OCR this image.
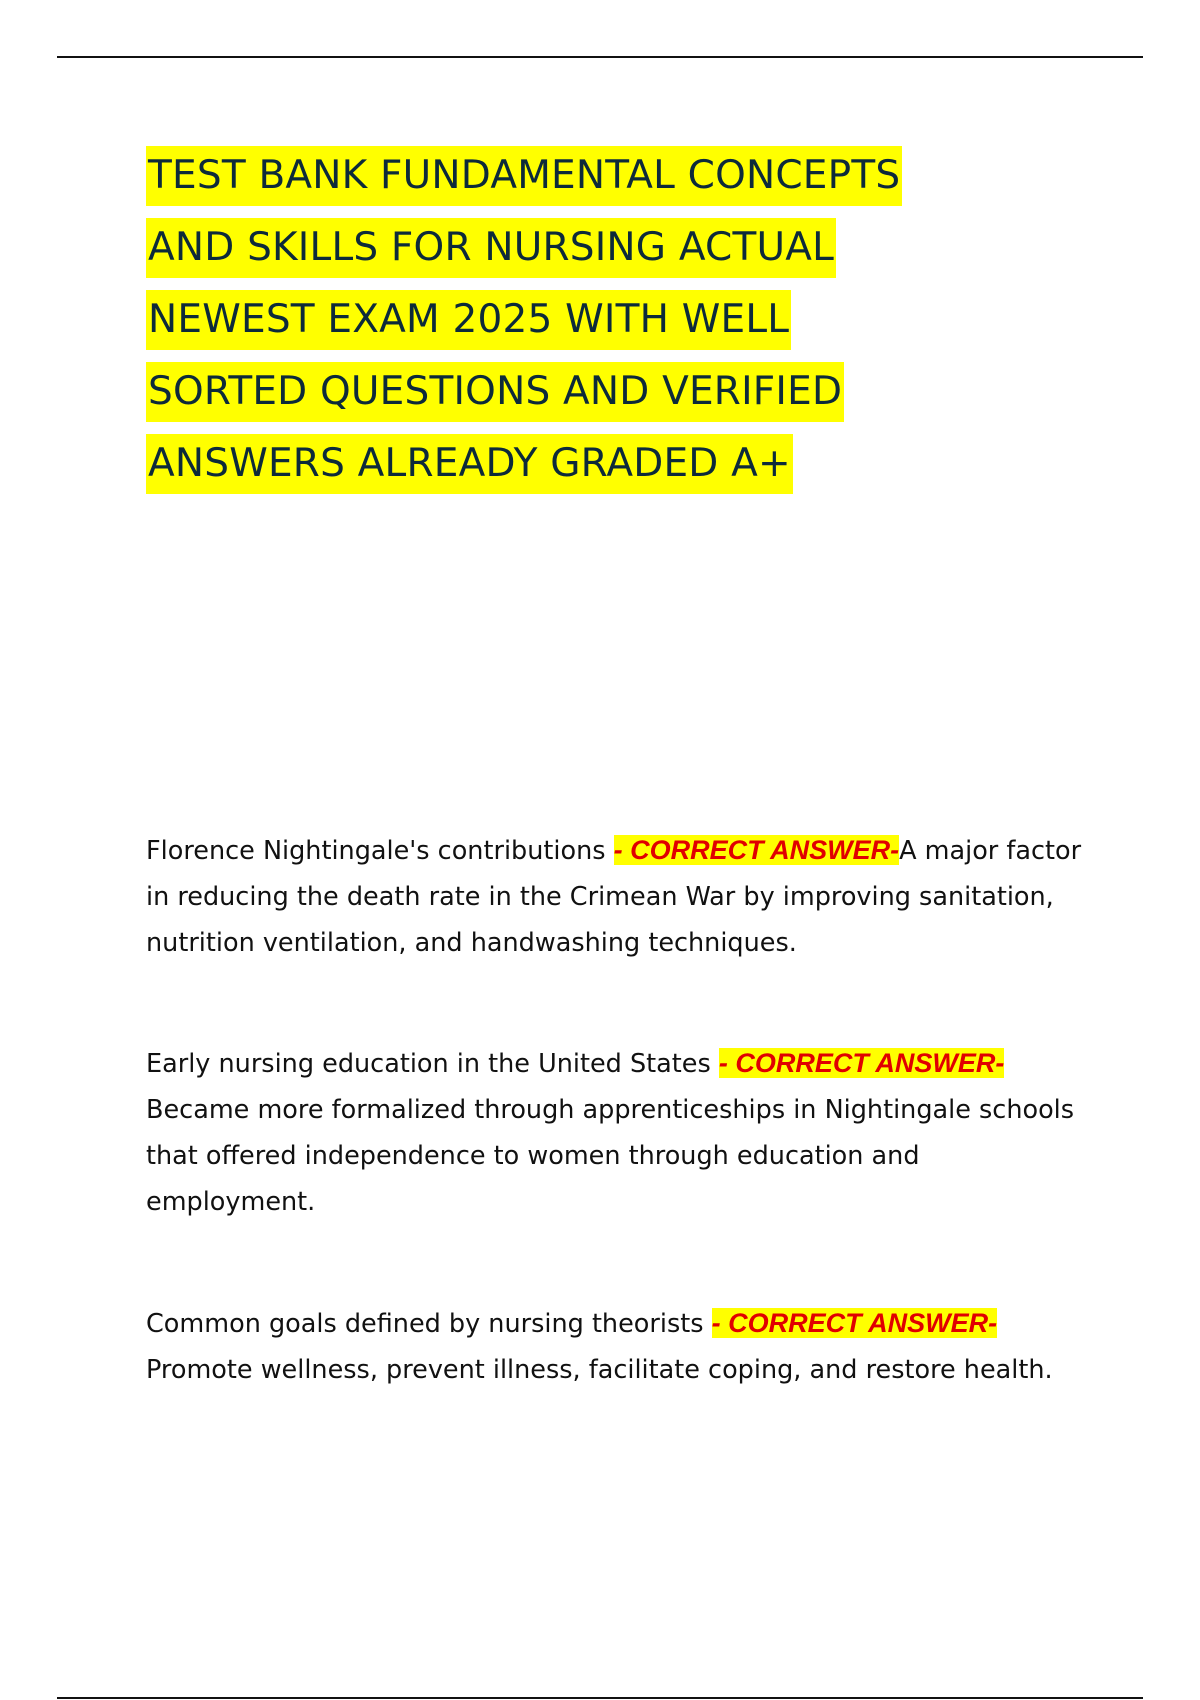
TEST BANK FUNDAMENTAL CONCEPTS
AND SKILLS FOR NURSING ACTUAL
NEWEST EXAM 2025 WITH WELL
SORTED QUESTIONS AND VERIFIED
ANSWERS ALREADY GRADED A+

Florence Nightingale's contributions - CORRECT ANSWER-A major factor in reducing the death rate in the Crimean War by improving sanitation, nutrition ventilation, and handwashing techniques.

Early nursing education in the United States - CORRECT ANSWER-
Became more formalized through apprenticeships in Nightingale schools that offered independence to women through education and employment.

Common goals defined by nursing theorists - CORRECT ANSWER-
Promote wellness, prevent illness, facilitate coping, and restore health.
